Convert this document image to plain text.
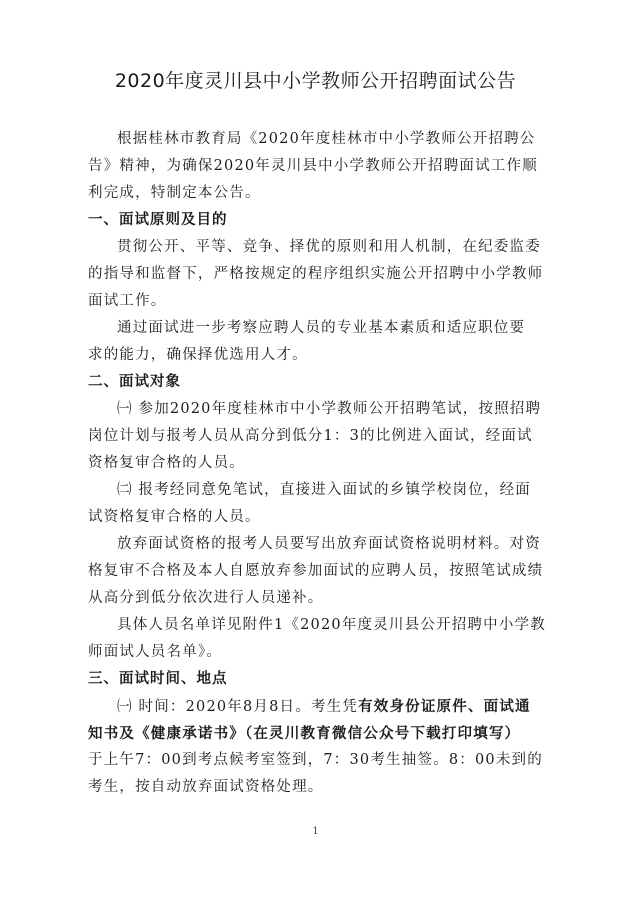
2020年度灵川县中小学教师公开招聘面试公告
根据桂林市教育局《2020年度桂林市中小学教师公开招聘公
告》精神，为确保2020年灵川县中小学教师公开招聘面试工作顺
利完成，特制定本公告。
一、面试原则及目的
贯彻公开、平等、竞争、择优的原则和用人机制，在纪委监委
的指导和监督下，严格按规定的程序组织实施公开招聘中小学教师
面试工作。
通过面试进一步考察应聘人员的专业基本素质和适应职位要
求的能力，确保择优选用人才。
二、面试对象
㈠ 参加2020年度桂林市中小学教师公开招聘笔试，按照招聘
岗位计划与报考人员从高分到低分1：3的比例进入面试，经面试
资格复审合格的人员。
㈡ 报考经同意免笔试，直接进入面试的乡镇学校岗位，经面
试资格复审合格的人员。
放弃面试资格的报考人员要写出放弃面试资格说明材料。对资
格复审不合格及本人自愿放弃参加面试的应聘人员，按照笔试成绩
从高分到低分依次进行人员递补。
具体人员名单详见附件1《2020年度灵川县公开招聘中小学教
师面试人员名单》。
三、面试时间、地点
㈠ 时间：2020年8月8日。考生凭有效身份证原件、面试通
知书及《健康承诺书》（在灵川教育微信公众号下载打印填写）
于上午7：00到考点候考室签到，7：30考生抽签。8：00未到的
考生，按自动放弃面试资格处理。
1
